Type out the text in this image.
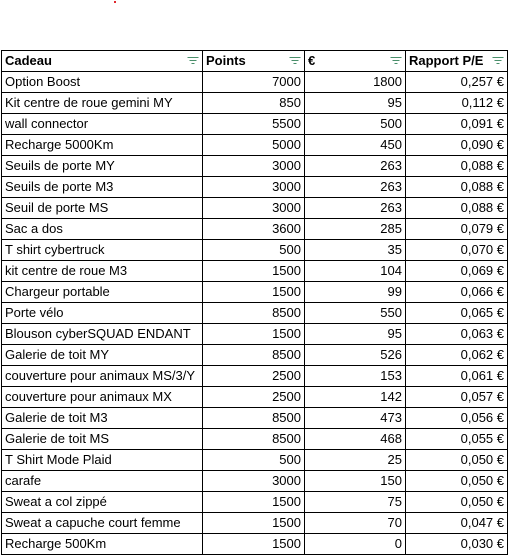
Cadeau	Points	€	Rapport P/E

Option Boost	7000	1800	0,257 €
Kit centre de roue gemini MY	850	95	0,112 €
wall connector	5500	500	0,091 €
Recharge 5000Km	5000	450	0,090 €
Seuils de porte MY	3000	263	0,088 €
Seuils de porte M3	3000	263	0,088 €
Seuil de porte MS	3000	263	0,088 €
Sac a dos	3600	285	0,079 €
T shirt cybertruck	500	35	0,070 €
kit centre de roue M3	1500	104	0,069 €
Chargeur portable	1500	99	0,066 €
Porte vélo	8500	550	0,065 €
Blouson cyberSQUAD ENDANT	1500	95	0,063 €
Galerie de toit MY	8500	526	0,062 €
couverture pour animaux MS/3/Y	2500	153	0,061 €
couverture pour animaux MX	2500	142	0,057 €
Galerie de toit M3	8500	473	0,056 €
Galerie de toit MS	8500	468	0,055 €
T Shirt Mode Plaid	500	25	0,050 €
carafe	3000	150	0,050 €
Sweat a col zippé	1500	75	0,050 €
Sweat a capuche court femme	1500	70	0,047 €
Recharge 500Km	1500	0	0,030 €
